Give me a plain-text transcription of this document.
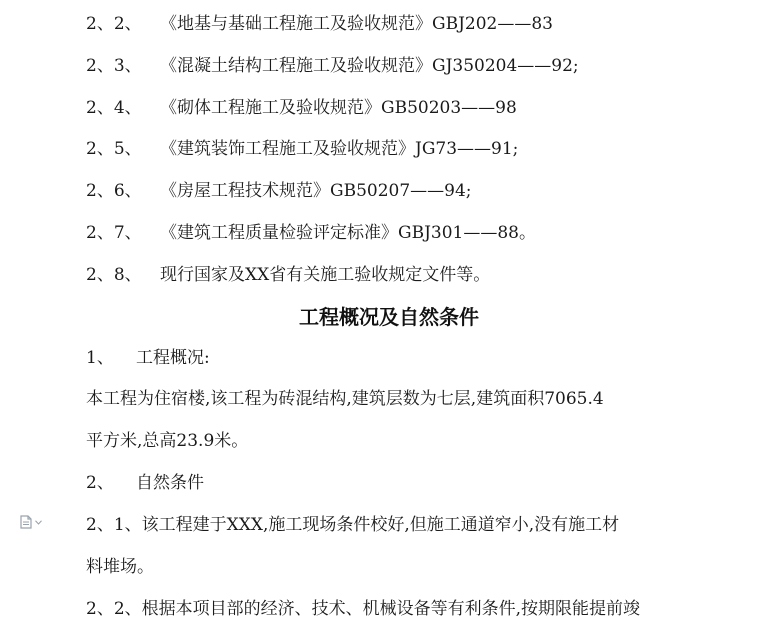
2、2、 《地基与基础工程施工及验收规范》GBJ202——83
2、3、 《混凝土结构工程施工及验收规范》GJ350204——92;
2、4、 《砌体工程施工及验收规范》GB50203——98
2、5、 《建筑装饰工程施工及验收规范》JG73——91;
2、6、 《房屋工程技术规范》GB50207——94;
2、7、 《建筑工程质量检验评定标准》GBJ301——88。
2、8、 现行国家及XX省有关施工验收规定文件等。
工程概况及自然条件
1、 工程概况:
本工程为住宿楼,该工程为砖混结构,建筑层数为七层,建筑面积7065.4
平方米,总高23.9米。
2、 自然条件
2、1、该工程建于XXX,施工现场条件校好,但施工通道窄小,没有施工材
料堆场。
2、2、根据本项目部的经济、技术、机械设备等有利条件,按期限能提前竣
